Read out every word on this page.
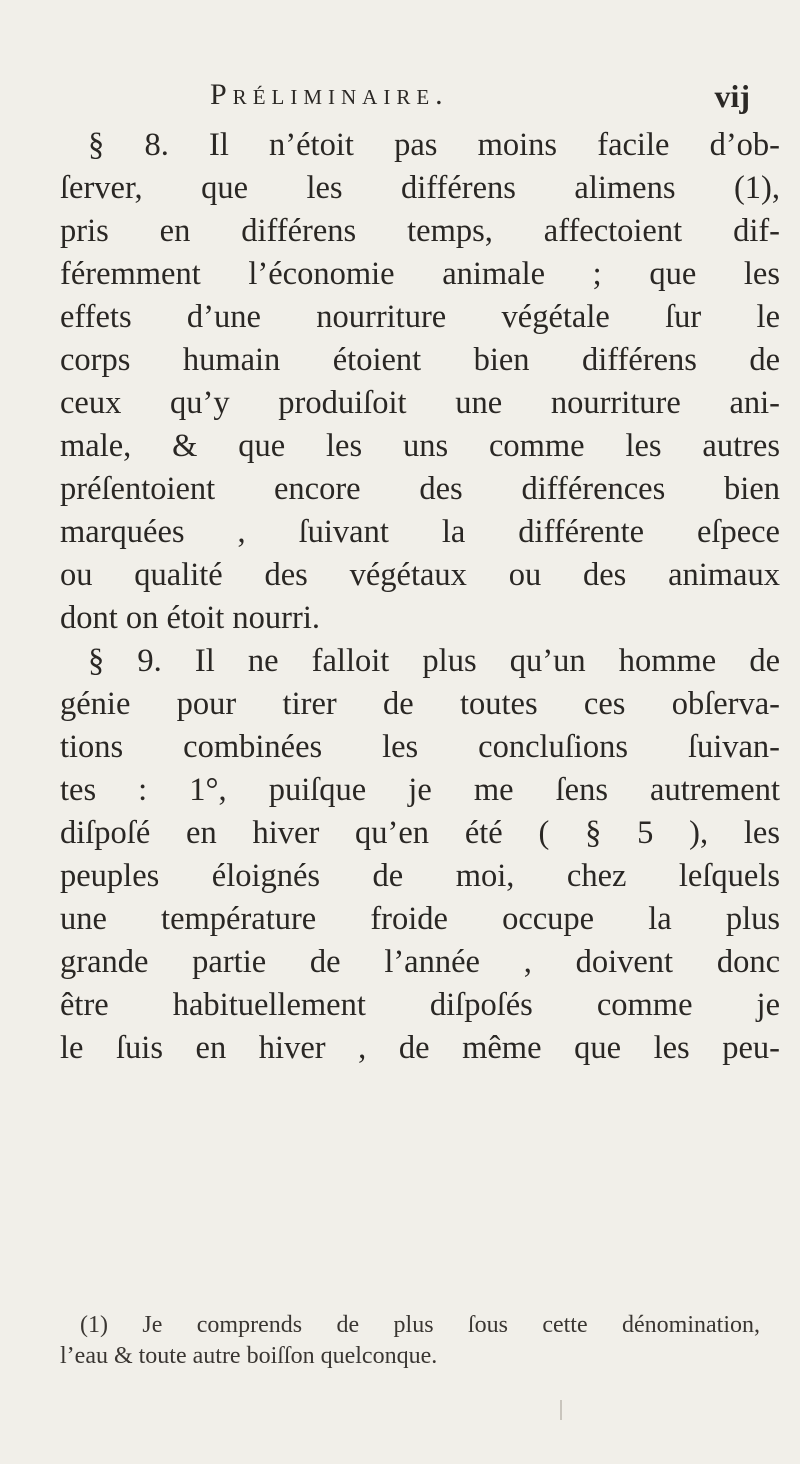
Préliminaire.	vij
§ 8. Il n’étoit pas moins facile d’ob-
ſerver, que les différens alimens (1),
pris en différens temps, affectoient dif-
féremment l’économie animale ; que les
effets d’une nourriture végétale ſur le
corps humain étoient bien différens de
ceux qu’y produiſoit une nourriture ani-
male, & que les uns comme les autres
préſentoient encore des différences bien
marquées , ſuivant la différente eſpece
ou qualité des végétaux ou des animaux
dont on étoit nourri.
§ 9. Il ne falloit plus qu’un homme de
génie pour tirer de toutes ces obſerva-
tions combinées les concluſions ſuivan-
tes : 1°, puiſque je me ſens autrement
diſpoſé en hiver qu’en été ( § 5 ), les
peuples éloignés de moi, chez leſquels
une température froide occupe la plus
grande partie de l’année , doivent donc
être habituellement diſpoſés comme je
le ſuis en hiver , de même que les peu-
(1) Je comprends de plus ſous cette dénomination,
l’eau & toute autre boiſſon quelconque.
